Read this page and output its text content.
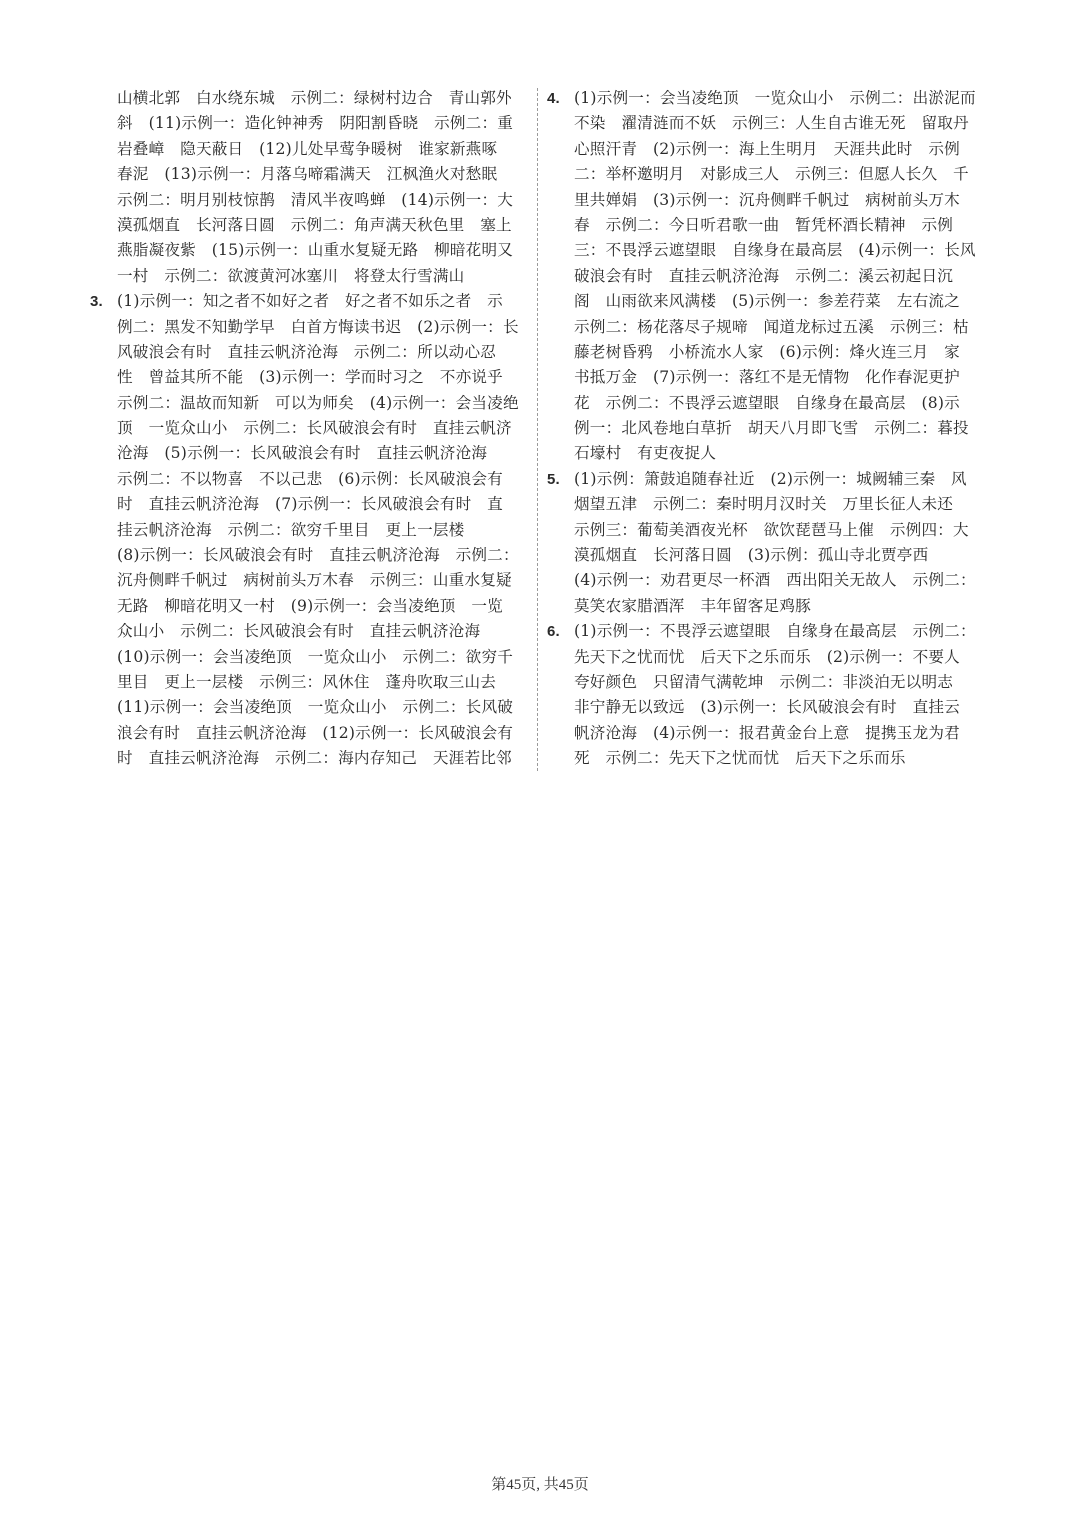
山横北郭　白水绕东城　示例二：绿树村边合　青山郭外
斜　(11)示例一：造化钟神秀　阴阳割昏晓　示例二：重
岩叠嶂　隐天蔽日　(12)儿处早莺争暖树　谁家新燕啄
春泥　(13)示例一：月落乌啼霜满天　江枫渔火对愁眠
示例二：明月别枝惊鹊　清风半夜鸣蝉　(14)示例一：大
漠孤烟直　长河落日圆　示例二：角声满天秋色里　塞上
燕脂凝夜紫　(15)示例一：山重水复疑无路　柳暗花明又
一村　示例二：欲渡黄河冰塞川　将登太行雪满山
3. (1)示例一：知之者不如好之者　好之者不如乐之者　示
例二：黑发不知勤学早　白首方悔读书迟　(2)示例一：长
风破浪会有时　直挂云帆济沧海　示例二：所以动心忍
性　曾益其所不能　(3)示例一：学而时习之　不亦说乎
示例二：温故而知新　可以为师矣　(4)示例一：会当凌绝
顶　一览众山小　示例二：长风破浪会有时　直挂云帆济
沧海　(5)示例一：长风破浪会有时　直挂云帆济沧海
示例二：不以物喜　不以己悲　(6)示例：长风破浪会有
时　直挂云帆济沧海　(7)示例一：长风破浪会有时　直
挂云帆济沧海　示例二：欲穷千里目　更上一层楼
(8)示例一：长风破浪会有时　直挂云帆济沧海　示例二：
沉舟侧畔千帆过　病树前头万木春　示例三：山重水复疑
无路　柳暗花明又一村　(9)示例一：会当凌绝顶　一览
众山小　示例二：长风破浪会有时　直挂云帆济沧海
(10)示例一：会当凌绝顶　一览众山小　示例二：欲穷千
里目　更上一层楼　示例三：风休住　蓬舟吹取三山去
(11)示例一：会当凌绝顶　一览众山小　示例二：长风破
浪会有时　直挂云帆济沧海　(12)示例一：长风破浪会有
时　直挂云帆济沧海　示例二：海内存知己　天涯若比邻
4. (1)示例一：会当凌绝顶　一览众山小　示例二：出淤泥而
不染　濯清涟而不妖　示例三：人生自古谁无死　留取丹
心照汗青　(2)示例一：海上生明月　天涯共此时　示例
二：举杯邀明月　对影成三人　示例三：但愿人长久　千
里共婵娟　(3)示例一：沉舟侧畔千帆过　病树前头万木
春　示例二：今日听君歌一曲　暂凭杯酒长精神　示例
三：不畏浮云遮望眼　自缘身在最高层　(4)示例一：长风
破浪会有时　直挂云帆济沧海　示例二：溪云初起日沉
阁　山雨欲来风满楼　(5)示例一：参差荇菜　左右流之
示例二：杨花落尽子规啼　闻道龙标过五溪　示例三：枯
藤老树昏鸦　小桥流水人家　(6)示例：烽火连三月　家
书抵万金　(7)示例一：落红不是无情物　化作春泥更护
花　示例二：不畏浮云遮望眼　自缘身在最高层　(8)示
例一：北风卷地白草折　胡天八月即飞雪　示例二：暮投
石壕村　有吏夜捉人
5. (1)示例：箫鼓追随春社近　(2)示例一：城阙辅三秦　风
烟望五津　示例二：秦时明月汉时关　万里长征人未还
示例三：葡萄美酒夜光杯　欲饮琵琶马上催　示例四：大
漠孤烟直　长河落日圆　(3)示例：孤山寺北贾亭西
(4)示例一：劝君更尽一杯酒　西出阳关无故人　示例二：
莫笑农家腊酒浑　丰年留客足鸡豚
6. (1)示例一：不畏浮云遮望眼　自缘身在最高层　示例二：
先天下之忧而忧　后天下之乐而乐　(2)示例一：不要人
夸好颜色　只留清气满乾坤　示例二：非淡泊无以明志
非宁静无以致远　(3)示例一：长风破浪会有时　直挂云
帆济沧海　(4)示例一：报君黄金台上意　提携玉龙为君
死　示例二：先天下之忧而忧　后天下之乐而乐
第45页, 共45页
